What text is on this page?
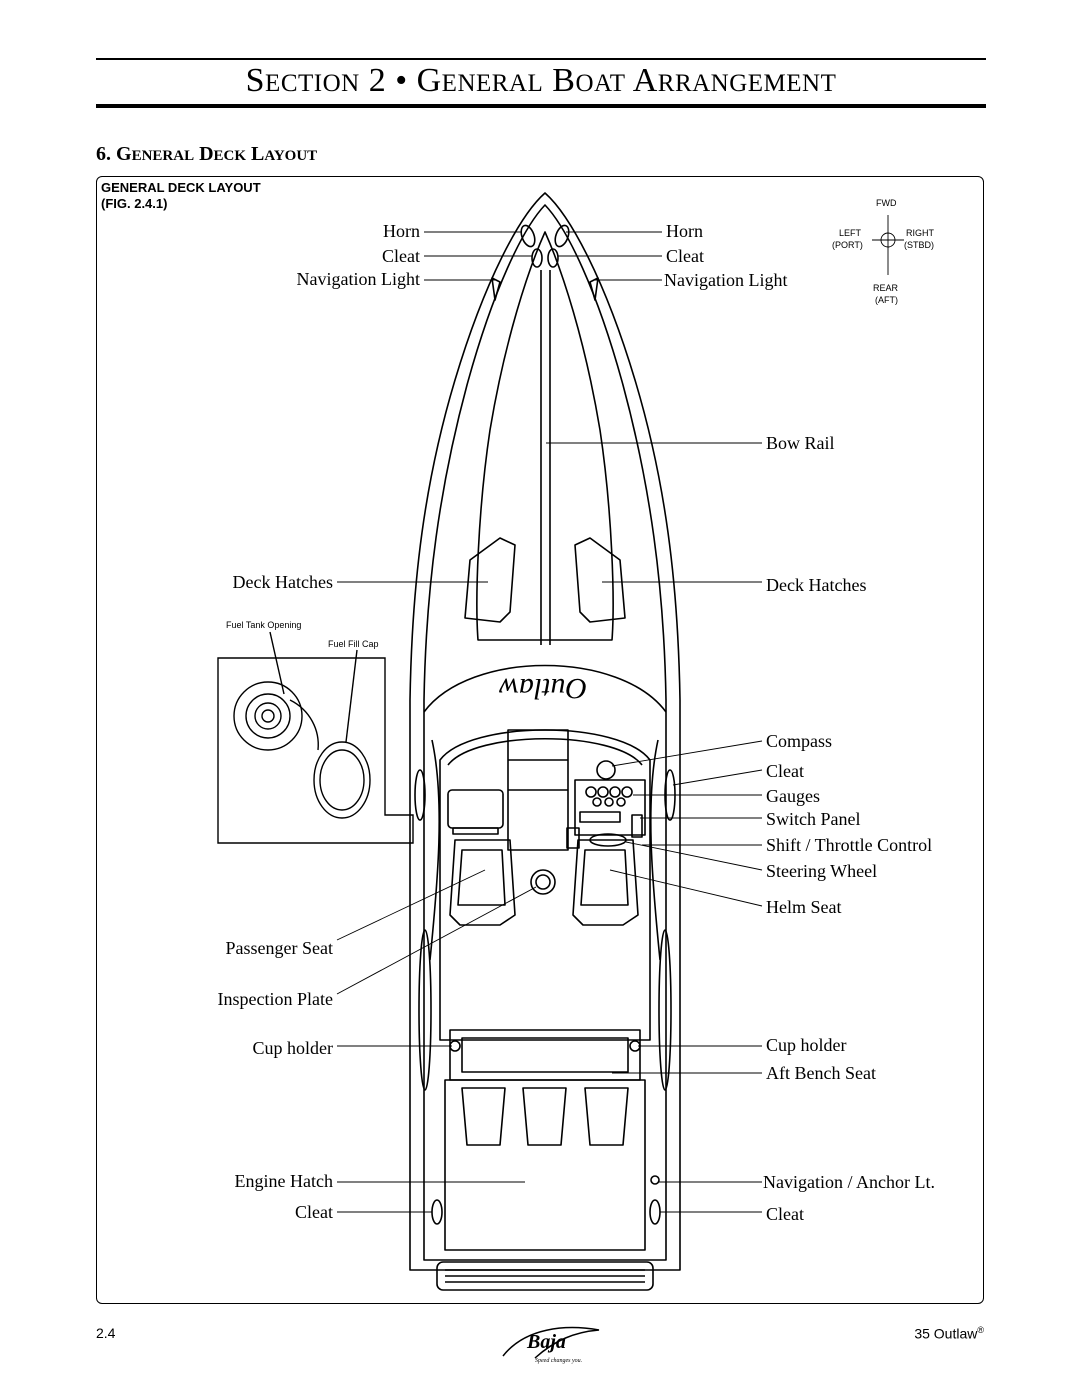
SECTION 2 • GENERAL BOAT ARRANGEMENT
6. GENERAL DECK LAYOUT
GENERAL DECK LAYOUT
(FIG. 2.4.1)
Outlaw
FWD
LEFT
(PORT)
RIGHT
(STBD)
REAR
(AFT)
Fuel Tank Opening
Fuel Fill Cap
Horn
Cleat
Navigation Light
Deck Hatches
Passenger Seat
Inspection Plate
Cup holder
Engine Hatch
Cleat
Horn
Cleat
Navigation Light
Bow Rail
Deck Hatches
Compass
Cleat
Gauges
Switch Panel
Shift / Throttle Control
Steering Wheel
Helm Seat
Cup holder
Aft Bench Seat
Navigation / Anchor Lt.
Cleat
2.4	Baja
Speed changes you.
35 Outlaw®
